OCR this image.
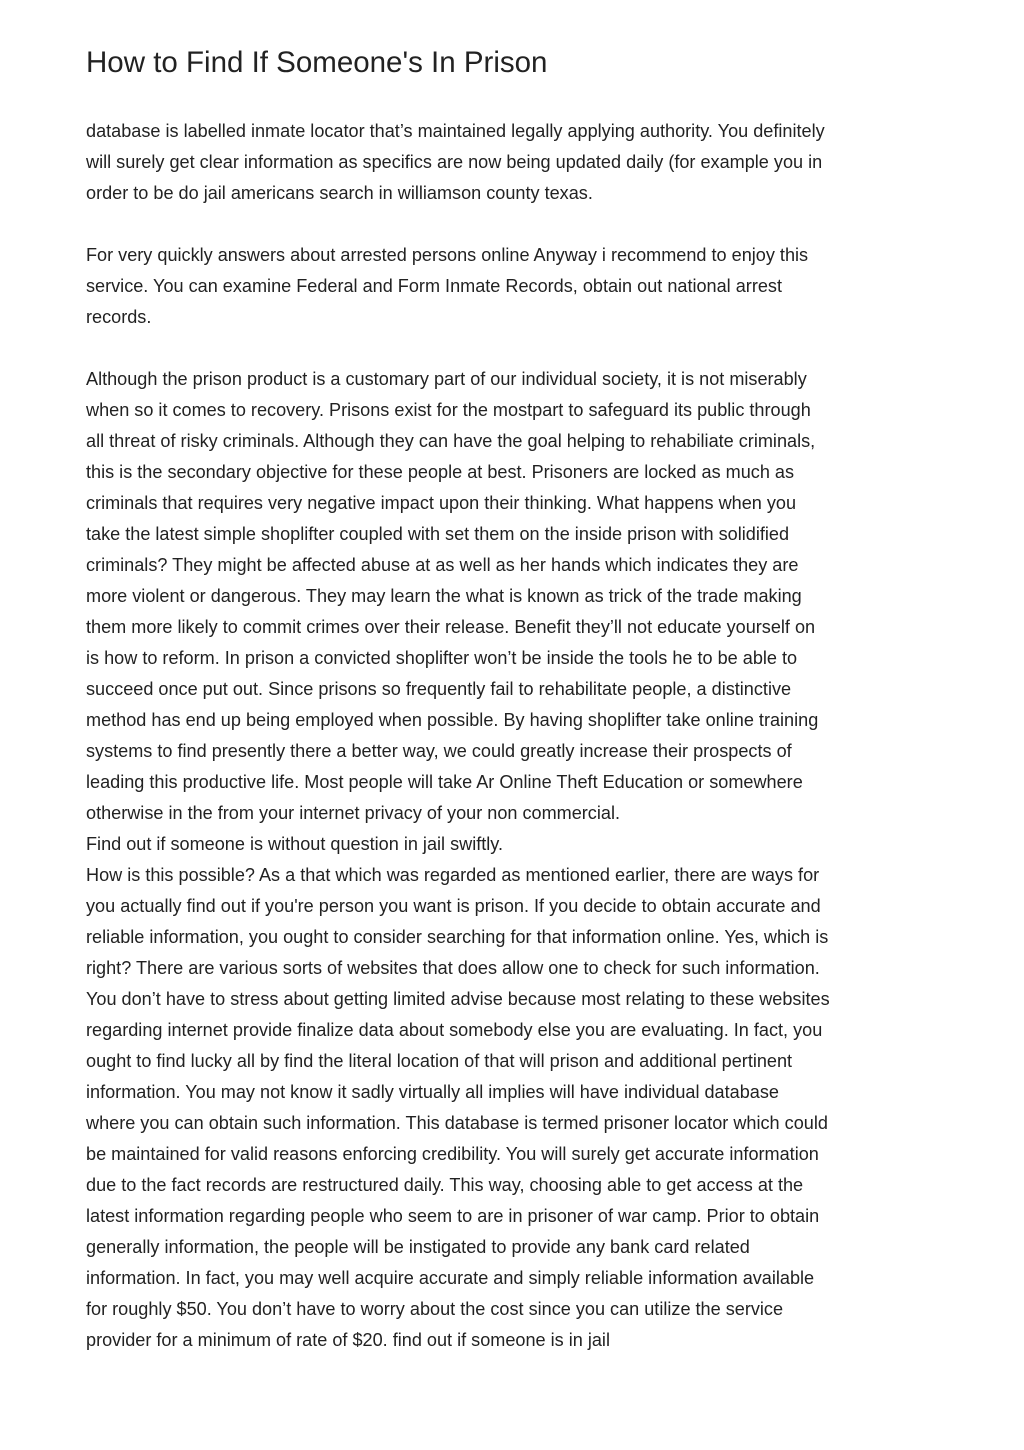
How to Find If Someone's In Prison
database is labelled inmate locator that’s maintained legally applying authority. You definitely
will surely get clear information as specifics are now being updated daily (for example you in
order to be do jail americans search in williamson county texas.
For very quickly answers about arrested persons online Anyway i recommend to enjoy this
service. You can examine Federal and Form Inmate Records, obtain out national arrest
records.
Although the prison product is a customary part of our individual society, it is not miserably
when so it comes to recovery. Prisons exist for the mostpart to safeguard its public through
all threat of risky criminals. Although they can have the goal helping to rehabiliate criminals,
this is the secondary objective for these people at best. Prisoners are locked as much as
criminals that requires very negative impact upon their thinking. What happens when you
take the latest simple shoplifter coupled with set them on the inside prison with solidified
criminals? They might be affected abuse at as well as her hands which indicates they are
more violent or dangerous. They may learn the what is known as trick of the trade making
them more likely to commit crimes over their release. Benefit they’ll not educate yourself on
is how to reform. In prison a convicted shoplifter won’t be inside the tools he to be able to
succeed once put out. Since prisons so frequently fail to rehabilitate people, a distinctive
method has end up being employed when possible. By having shoplifter take online training
systems to find presently there a better way, we could greatly increase their prospects of
leading this productive life. Most people will take Ar Online Theft Education or somewhere
otherwise in the from your internet privacy of your non commercial.
Find out if someone is without question in jail swiftly.
How is this possible? As a that which was regarded as mentioned earlier, there are ways for
you actually find out if you're person you want is prison. If you decide to obtain accurate and
reliable information, you ought to consider searching for that information online. Yes, which is
right? There are various sorts of websites that does allow one to check for such information.
You don’t have to stress about getting limited advise because most relating to these websites
regarding internet provide finalize data about somebody else you are evaluating. In fact, you
ought to find lucky all by find the literal location of that will prison and additional pertinent
information. You may not know it sadly virtually all implies will have individual database
where you can obtain such information. This database is termed prisoner locator which could
be maintained for valid reasons enforcing credibility. You will surely get accurate information
due to the fact records are restructured daily. This way, choosing able to get access at the
latest information regarding people who seem to are in prisoner of war camp. Prior to obtain
generally information, the people will be instigated to provide any bank card related
information. In fact, you may well acquire accurate and simply reliable information available
for roughly $50. You don’t have to worry about the cost since you can utilize the service
provider for a minimum of rate of $20. find out if someone is in jail
